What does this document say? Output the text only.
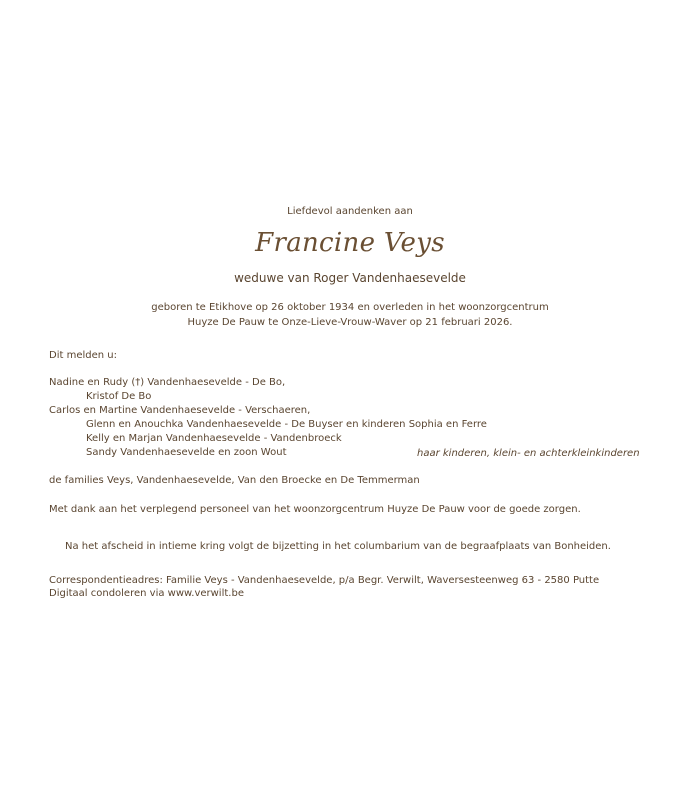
Liefdevol aandenken aan
Francine Veys
weduwe van Roger Vandenhaesevelde
geboren te Etikhove op 26 oktober 1934 en overleden in het woonzorgcentrum
Huyze De Pauw te Onze-Lieve-Vrouw-Waver op 21 februari 2026.
Dit melden u:
Nadine en Rudy (†) Vandenhaesevelde - De Bo,
Kristof De Bo
Carlos en Martine Vandenhaesevelde - Verschaeren,
Glenn en Anouchka Vandenhaesevelde - De Buyser en kinderen Sophia en Ferre
Kelly en Marjan Vandenhaesevelde - Vandenbroeck
Sandy Vandenhaesevelde en zoon Wout	haar kinderen, klein- en achterkleinkinderen
de families Veys, Vandenhaesevelde, Van den Broecke en De Temmerman
Met dank aan het verplegend personeel van het woonzorgcentrum Huyze De Pauw voor de goede zorgen.
Na het afscheid in intieme kring volgt de bijzetting in het columbarium van de begraafplaats van Bonheiden.
Correspondentieadres: Familie Veys - Vandenhaesevelde, p/a Begr. Verwilt, Waversesteenweg 63 - 2580 Putte
Digitaal condoleren via www.verwilt.be
